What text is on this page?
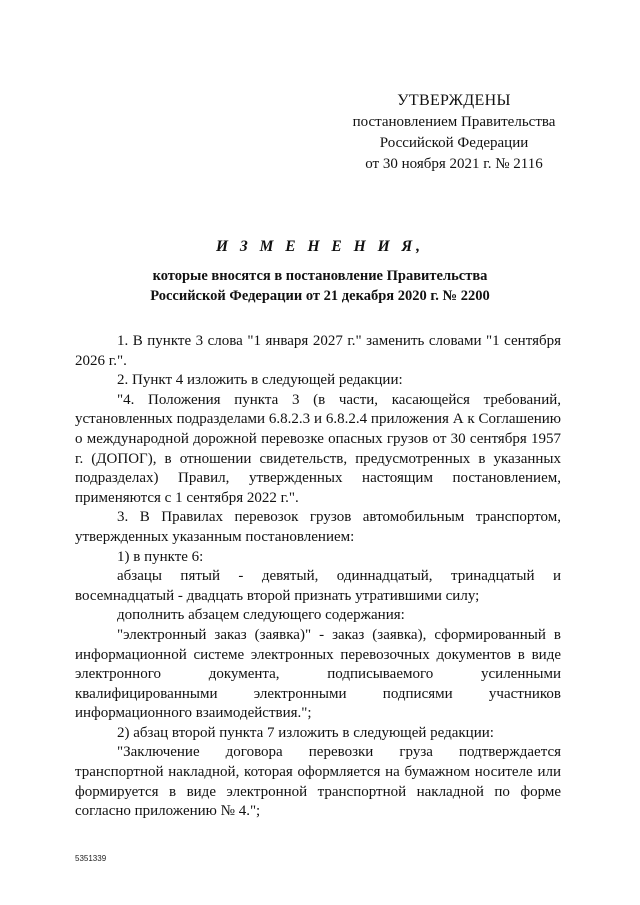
УТВЕРЖДЕНЫ
постановлением Правительства
Российской Федерации
от 30 ноября 2021 г. № 2116
И З М Е Н Е Н И Я,
которые вносятся в постановление Правительства
Российской Федерации от 21 декабря 2020 г. № 2200

1. В пункте 3 слова "1 января 2027 г." заменить словами "1 сентября 2026 г.".

2. Пункт 4 изложить в следующей редакции:

"4. Положения пункта 3 (в части, касающейся требований, установленных подразделами 6.8.2.3 и 6.8.2.4 приложения А к Соглашению о международной дорожной перевозке опасных грузов от 30 сентября 1957 г. (ДОПОГ), в отношении свидетельств, предусмотренных в указанных подразделах) Правил, утвержденных настоящим постановлением, применяются с 1 сентября 2022 г.".

3. В Правилах перевозок грузов автомобильным транспортом, утвержденных указанным постановлением:

1) в пункте 6:

абзацы пятый - девятый, одиннадцатый, тринадцатый и восемнадцатый - двадцать второй признать утратившими силу;

дополнить абзацем следующего содержания:

"электронный заказ (заявка)" - заказ (заявка), сформированный в информационной системе электронных перевозочных документов в виде электронного документа, подписываемого усиленными квалифицированными электронными подписями участников информационного взаимодействия.";

2) абзац второй пункта 7 изложить в следующей редакции:

"Заключение договора перевозки груза подтверждается транспортной накладной, которая оформляется на бумажном носителе или формируется в виде электронной транспортной накладной по форме согласно приложению № 4.";

5351339
